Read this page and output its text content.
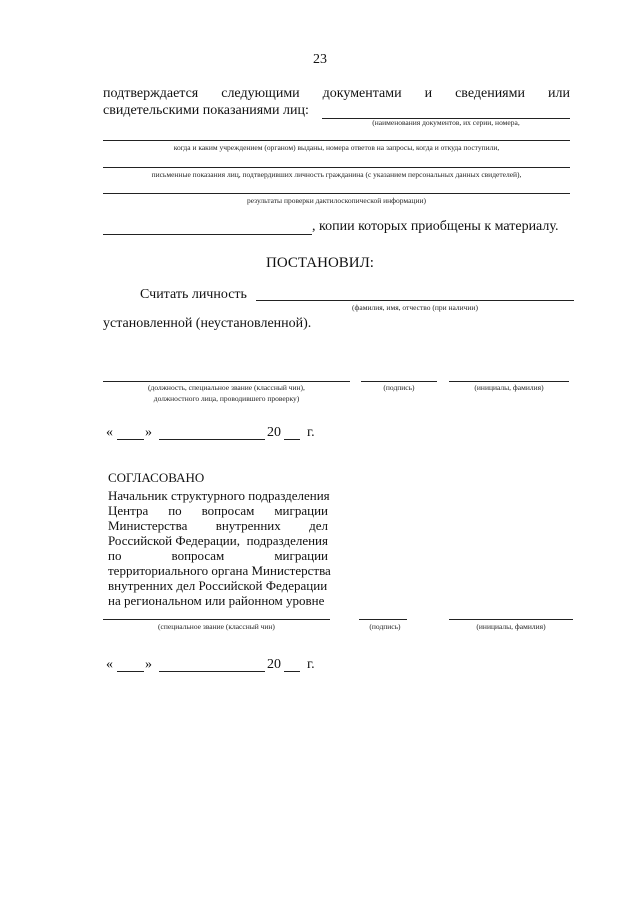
23
подтверждается следующими документами и сведениями или
свидетельскими показаниями лиц:
(наименования документов, их серии, номера,
когда и каким учреждением (органом) выданы, номера ответов на запросы, когда и откуда поступили,
письменные показания лиц, подтвердивших личность гражданина (с указанием персональных данных свидетелей),
результаты проверки дактилоскопической информации)
, копии которых приобщены к материалу.
ПОСТАНОВИЛ:
Считать личность
(фамилия, имя, отчество (при наличии)
установленной (неустановленной).
(должность, специальное звание (классный чин),
должностного лица, проводившего проверку)
(подпись)	(инициалы, фамилия)
« »	20 г.
СОГЛАСОВАНО
Начальник структурного подразделения
Центра по вопросам миграции
Министерства внутренних дел
Российской Федерации, подразделения
по	вопросам	миграции
территориального органа Министерства
внутренних дел Российской Федерации
на региональном или районном уровне
(специальное звание (классный чин)	(подпись)	(инициалы, фамилия)
« »	20 г.
